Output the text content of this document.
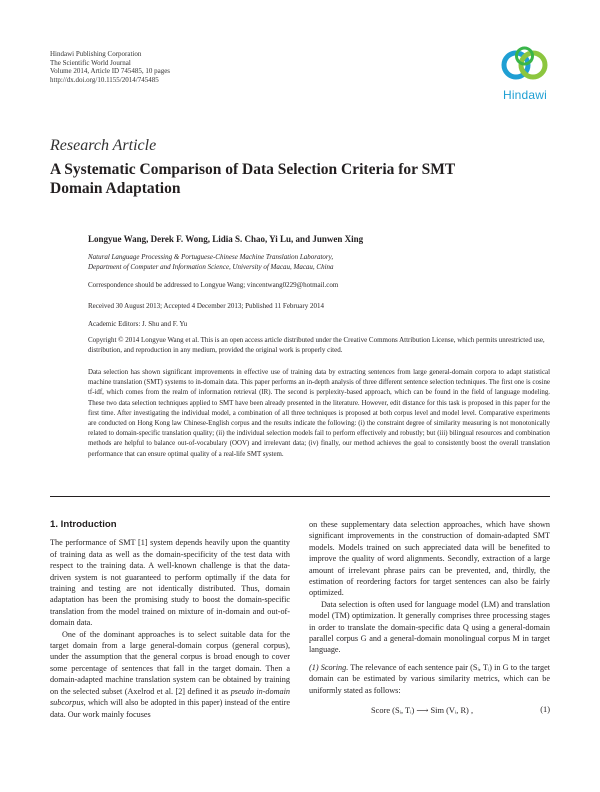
Hindawi Publishing Corporation
The Scientific World Journal
Volume 2014, Article ID 745485, 10 pages
http://dx.doi.org/10.1155/2014/745485
Hindawi
Research Article
A Systematic Comparison of Data Selection Criteria for SMT Domain Adaptation
Longyue Wang, Derek F. Wong, Lidia S. Chao, Yi Lu, and Junwen Xing
Natural Language Processing & Portuguese-Chinese Machine Translation Laboratory,
Department of Computer and Information Science, University of Macau, Macau, China
Correspondence should be addressed to Longyue Wang; vincentwang0229@hotmail.com
Received 30 August 2013; Accepted 4 December 2013; Published 11 February 2014
Academic Editors: J. Shu and F. Yu
Copyright © 2014 Longyue Wang et al. This is an open access article distributed under the Creative Commons Attribution License, which permits unrestricted use, distribution, and reproduction in any medium, provided the original work is properly cited.

Data selection has shown significant improvements in effective use of training data by extracting sentences from large general-domain corpora to adapt statistical machine translation (SMT) systems to in-domain data. This paper performs an in-depth analysis of three different sentence selection techniques. The first one is cosine tf-idf, which comes from the realm of information retrieval (IR). The second is perplexity-based approach, which can be found in the field of language modeling. These two data selection techniques applied to SMT have been already presented in the literature. However, edit distance for this task is proposed in this paper for the first time. After investigating the individual model, a combination of all three techniques is proposed at both corpus level and model level. Comparative experiments are conducted on Hong Kong law Chinese-English corpus and the results indicate the following: (i) the constraint degree of similarity measuring is not monotonically related to domain-specific translation quality; (ii) the individual selection models fail to perform effectively and robustly; but (iii) bilingual resources and combination methods are helpful to balance out-of-vocabulary (OOV) and irrelevant data; (iv) finally, our method achieves the goal to consistently boost the overall translation performance that can ensure optimal quality of a real-life SMT system.

1. Introduction

The performance of SMT [1] system depends heavily upon the quantity of training data as well as the domain-specificity of the test data with respect to the training data. A well-known challenge is that the data-driven system is not guaranteed to perform optimally if the data for training and testing are not identically distributed. Thus, domain adaptation has been the promising study to boost the domain-specific translation from the model trained on mixture of in-domain and out-of-domain data.

One of the dominant approaches is to select suitable data for the target domain from a large general-domain corpus (general corpus), under the assumption that the general corpus is broad enough to cover some percentage of sentences that fall in the target domain. Then a domain-adapted machine translation system can be obtained by training on the selected subset (Axelrod et al. [2] defined it as pseudo in-domain subcorpus, which will also be adopted in this paper) instead of the entire data. Our work mainly focuses

on these supplementary data selection approaches, which have shown significant improvements in the construction of domain-adapted SMT models. Models trained on such appreciated data will be benefited to improve the quality of word alignments. Secondly, extraction of a large amount of irrelevant phrase pairs can be prevented, and, thirdly, the estimation of reordering factors for target sentences can also be fairly optimized.

Data selection is often used for language model (LM) and translation model (TM) optimization. It generally comprises three processing stages in order to translate the domain-specific data Q using a general-domain parallel corpus G and a general-domain monolingual corpus M in target language.

(1) Scoring. The relevance of each sentence pair (Sᵢ, Tᵢ) in G to the target domain can be estimated by various similarity metrics, which can be uniformly stated as follows:

Score (Sᵢ, Tᵢ) ⟶ Sim (Vᵢ, R) ,	(1)
